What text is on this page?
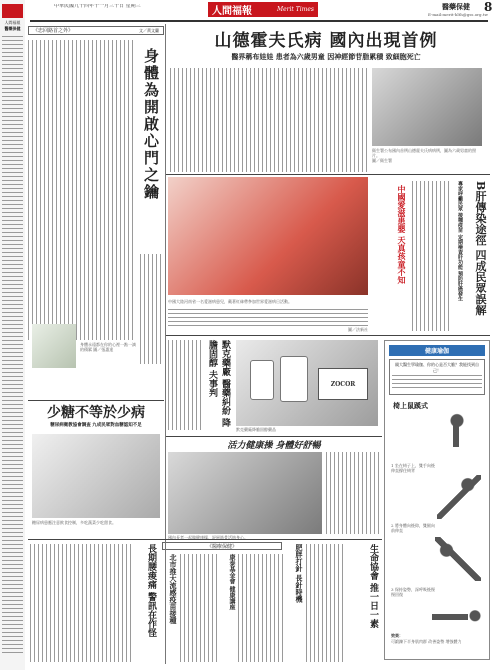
中華民國九十四年十一月三十日 星期三	人間福報	Merit Times	醫藥保健 8
E-mail:merit-hlth@gss.org.tw
人間福報
醫藥保健	《忠回路首之外》	文／黃文蘭
身體為開啟心門之鑰
身體永遠都在你的心裡一點一滴的積累 圖／張惠達
山德霍夫氏病 國內出現首例
醫界稱布娃娃 患者為六歲男童 因神經節苷脂累積 致細胞死亡
衛生署公布國內首例山德霍夫氏病病例，圖為六歲男童的照片。
圖／衛生署
中國愛滋患嬰 天真孩童不知
中國大陸河南省一名愛滋病患兒，戴著紅絲帶參加世界愛滋病日活動。
圖／法新社
B肝傳染途徑 四成民眾誤解
專家呼籲民眾 接種疫苗 定期檢查肝功能 預防肝癌發生
默克藥廠 醫藥糾紛 降膽固醇 夫事判	ZOCOR
默克藥廠降膽固醇藥品
活力健康操 身體好舒暢
國內長者一起做健康操，舒展筋骨活絡身心。
健康瑜伽
親大醫生學瑜伽、你的心是否大膽？我能找到自己！
椅上鼠蹊式
1 坐在椅子上，雙手向後伸直撐住椅背
2 將身體向後仰，雙腿向前伸直
3 保持姿勢，深呼吸後慢慢回復
效果：
可鍛鍊下半身肌肉群 改善姿勢 增強體力
少糖不等於少病
糖尿病衛教協會調查 九成民眾對血糖認知不足
糖尿病患應注意飲食控制，多吃蔬菜少吃甜食。
長期腰痠痛 警訊在作怪	《醫療保健》
北市推大流感疫苗接種	康泰基金會 健康講座	肥胖打針 長針時機	生命協會 推一日一素
